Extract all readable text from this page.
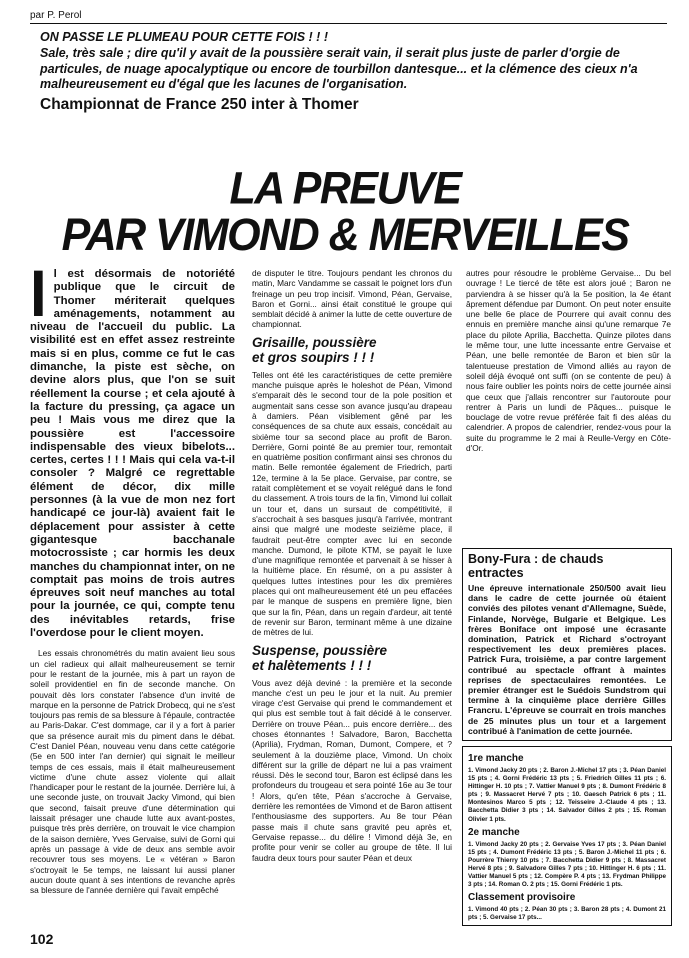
par P. Perol
ON PASSE LE PLUMEAU POUR CETTE FOIS ! ! !
Sale, très sale ; dire qu'il y avait de la poussière serait vain, il serait plus juste de parler d'orgie de particules, de nuage apocalyptique ou encore de tourbillon dantesque... et la clémence des cieux n'a malheureusement eu d'égal que les lacunes de l'organisation.
Championnat de France 250 inter à Thomer
LA PREUVE
PAR VIMOND & MERVEILLES
Il est désormais de notoriété publique que le circuit de Thomer mériterait quelques aménagements, notamment au niveau de l'accueil du public. La visibilité est en effet assez restreinte mais si en plus, comme ce fut le cas dimanche, la piste est sèche, on devine alors plus, que l'on se suit réellement la course ; et cela ajouté à la facture du pressing, ça agace un peu ! Mais vous me direz que la poussière est l'accessoire indispensable des vieux bibelots... certes, certes ! ! ! Mais qui cela va-t-il consoler ? Malgré ce regrettable élément de décor, dix mille personnes (à la vue de mon nez fort handicapé ce jour-là) avaient fait le déplacement pour assister à cette gigantesque bacchanale motocrossiste ; car hormis les deux manches du championnat inter, on ne comptait pas moins de trois autres épreuves soit neuf manches au total pour la journée, ce qui, compte tenu des inévitables retards, frise l'overdose pour le client moyen.
Les essais chronométrés du matin avaient lieu sous un ciel radieux qui allait malheureusement se ternir pour le restant de la journée, mis à part un rayon de soleil providentiel en fin de seconde manche. On pouvait dès lors constater l'absence d'un invité de marque en la personne de Patrick Drobecq, qui ne s'est toujours pas remis de sa blessure à l'épaule, contractée au Paris-Dakar. C'est dommage, car il y a fort à parier que sa présence aurait mis du piment dans le débat. C'est Daniel Péan, nouveau venu dans cette catégorie (5e en 500 inter l'an dernier) qui signait le meilleur temps de ces essais, mais il était malheureusement victime d'une chute assez violente qui allait l'handicaper pour le restant de la journée. Derrière lui, à une seconde juste, on trouvait Jacky Vimond, qui bien que second, faisait preuve d'une détermination qui laissait présager une chaude lutte aux avant-postes, puisque très près derrière, on trouvait le vice champion de la saison dernière, Yves Gervaise, suivi de Gorni qui après un passage à vide de deux ans semble avoir recouvrer tous ses moyens. Le « vétéran » Baron s'octroyait le 5e temps, ne laissant lui aussi planer aucun doute quant à ses intentions de revanche après sa blessure de l'année dernière qui l'avait empêché
de disputer le titre. Toujours pendant les chronos du matin, Marc Vandamme se cassait le poignet lors d'un freinage un peu trop incisif. Vimond, Péan, Gervaise, Baron et Gorni... ainsi était constitué le groupe qui semblait décidé à animer la lutte de cette ouverture de championnat.
Grisaille, poussière
et gros soupirs ! ! !
Telles ont été les caractéristiques de cette première manche puisque après le holeshot de Péan, Vimond s'emparait dès le second tour de la pole position et augmentait sans cesse son avance jusqu'au drapeau à damiers. Péan visiblement gêné par les conséquences de sa chute aux essais, concédait au sixième tour sa second place au profit de Baron. Derrière, Gorni pointé 8e au premier tour, remontait en quatrième position confirmant ainsi ses chronos du matin. Belle remontée également de Friedrich, parti 12e, termine à la 5e place. Gervaise, par contre, se ratait complètement et se voyait relégué dans le fond du classement. A trois tours de la fin, Vimond lui collait un tour et, dans un sursaut de compétitivité, il s'accrochait à ses basques jusqu'à l'arrivée, montrant ainsi que malgré une modeste seizième place, il faudrait peut-être compter avec lui en seconde manche. Dumond, le pilote KTM, se payait le luxe d'une magnifique remontée et parvenait à se hisser à la huitième place. En résumé, on a pu assister à quelques luttes intestines pour les dix premières places qui ont malheureusement été un peu effacées par le manque de suspens en première ligne, bien que sur la fin, Péan, dans un regain d'ardeur, ait tenté de revenir sur Baron, terminant même à une dizaine de mètres de lui.
Suspense, poussière
et halètements ! ! !
Vous avez déjà deviné : la première et la seconde manche c'est un peu le jour et la nuit. Au premier virage c'est Gervaise qui prend le commandement et qui plus est semble tout à fait décidé à le conserver. Derrière on trouve Péan... puis encore derrière... des choses étonnantes ! Salvadore, Baron, Bacchetta (Aprilia), Frydman, Roman, Dumont, Compere, et ? seulement à la douzième place, Vimond. Un choix différent sur la grille de départ ne lui a pas vraiment réussi. Dès le second tour, Baron est éclipsé dans les profondeurs du trougeau et sera pointé 16e au 3e tour ! Alors, qu'en tête, Péan s'accroche à Gervaise, derrière les remontées de Vimond et de Baron attisent l'enthousiasme des supporters. Au 8e tour Péan passe mais il chute sans gravité peu après et, Gervaise repasse... du délire ! Vimond déjà 3e, en profite pour venir se coller au groupe de tête. Il lui faudra deux tours pour sauter Péan et deux
autres pour résoudre le problème Gervaise... Du bel ouvrage ! Le tiercé de tête est alors joué ; Baron ne parviendra à se hisser qu'à la 5e position, la 4e étant âprement défendue par Dumont. On peut noter ensuite une belle 6e place de Pourrere qui avait connu des ennuis en première manche ainsi qu'une remarque 7e place du pilote Aprilia, Bacchetta. Quinze pilotes dans le même tour, une lutte incessante entre Gervaise et Péan, une belle remontée de Baron et bien sûr la talentueuse prestation de Vimond alliés au rayon de soleil déjà évoqué ont suffi (on se contente de peu) à nous faire oublier les points noirs de cette journée ainsi que ceux que j'allais rencontrer sur l'autoroute pour rentrer à Paris un lundi de Pâques... puisque le bouclage de votre revue préférée fait fi des aléas du calendrier. A propos de calendrier, rendez-vous pour la suite du programme le 2 mai à Reulle-Vergy en Côte-d'Or.
Bony-Fura : de chauds
entractes
Une épreuve internationale 250/500 avait lieu dans le cadre de cette journée où étaient conviés des pilotes venant d'Allemagne, Suède, Finlande, Norvège, Bulgarie et Belgique. Les frères Boniface ont imposé une écrasante domination, Patrick et Richard s'octroyant respectivement les deux premières places. Patrick Fura, troisième, a par contre largement contribué au spectacle offrant à maintes reprises de spectaculaires remontées. Le premier étranger est le Suédois Sundstrom qui termine à la cinquième place derrière Gilles Francru. L'épreuve se courrait en trois manches de 25 minutes plus un tour et a largement contribué à l'animation de cette journée.
1re manche
1. Vimond Jacky 20 pts ; 2. Baron J.-Michel 17 pts ; 3. Péan Daniel 15 pts ; 4. Gorni Frédéric 13 pts ; 5. Friedrich Gilles 11 pts ; 6. Hittinger H. 10 pts ; 7. Vattier Manuel 9 pts ; 8. Dumont Frédéric 8 pts ; 9. Massacret Hervé 7 pts ; 10. Gaesch Patrick 6 pts ; 11. Montesinos Marco 5 pts ; 12. Teisseire J.-Claude 4 pts ; 13. Bacchetta Didier 3 pts ; 14. Salvador Gilles 2 pts ; 15. Roman Olivier 1 pts.
2e manche
1. Vimond Jacky 20 pts ; 2. Gervaise Yves 17 pts ; 3. Péan Daniel 15 pts ; 4. Dumont Frédéric 13 pts ; 5. Baron J.-Michel 11 pts ; 6. Pourrère Thierry 10 pts ; 7. Bacchetta Didier 9 pts ; 8. Massacret Hervé 8 pts ; 9. Salvadore Gilles 7 pts ; 10. Hittinger H. 6 pts ; 11. Vattier Manuel 5 pts ; 12. Compère P. 4 pts ; 13. Frydman Philippe 3 pts ; 14. Roman O. 2 pts ; 15. Gorni Frédéric 1 pts.
Classement provisoire
1. Vimond 40 pts ; 2. Péan 30 pts ; 3. Baron 28 pts ; 4. Dumont 21 pts ; 5. Gervaise 17 pts...
102
